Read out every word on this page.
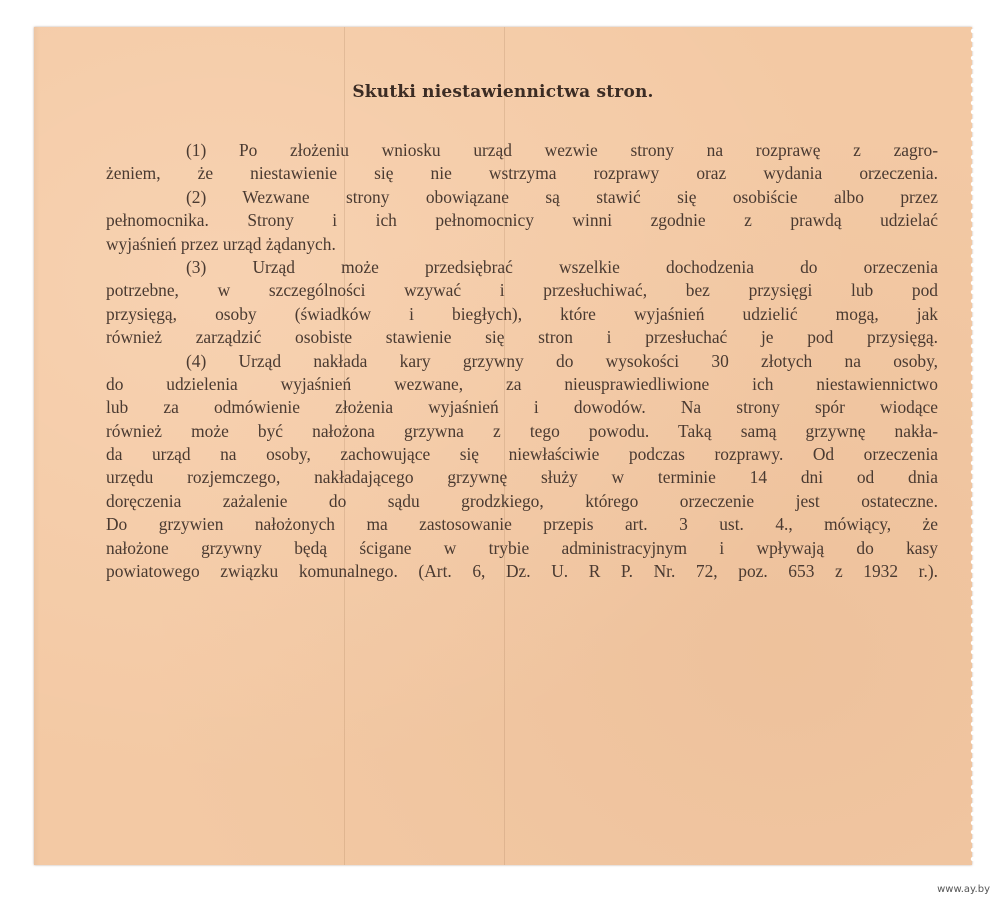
Skutki niestawiennictwa stron.
(1) Po złożeniu wniosku urząd wezwie strony na rozprawę z zagro-
żeniem, że niestawienie się nie wstrzyma rozprawy oraz wydania orzeczenia.
(2) Wezwane strony obowiązane są stawić się osobiście albo przez
pełnomocnika. Strony i ich pełnomocnicy winni zgodnie z prawdą udzielać
wyjaśnień przez urząd żądanych.
(3) Urząd może przedsiębrać wszelkie dochodzenia do orzeczenia
potrzebne, w szczególności wzywać i przesłuchiwać, bez przysięgi lub pod
przysięgą, osoby (świadków i biegłych), które wyjaśnień udzielić mogą, jak
również zarządzić osobiste stawienie się stron i przesłuchać je pod przysięgą.
(4) Urząd nakłada kary grzywny do wysokości 30 złotych na osoby,
do udzielenia wyjaśnień wezwane, za nieusprawiedliwione ich niestawiennictwo
lub za odmówienie złożenia wyjaśnień i dowodów. Na strony spór wiodące
również może być nałożona grzywna z tego powodu. Taką samą grzywnę nakła-
da urząd na osoby, zachowujące się niewłaściwie podczas rozprawy. Od orzeczenia
urzędu rozjemczego, nakładającego grzywnę służy w terminie 14 dni od dnia
doręczenia zażalenie do sądu grodzkiego, którego orzeczenie jest ostateczne.
Do grzywien nałożonych ma zastosowanie przepis art. 3 ust. 4., mówiący, że
nałożone grzywny będą ścigane w trybie administracyjnym i wpływają do kasy
powiatowego związku komunalnego. (Art. 6, Dz. U. R P. Nr. 72, poz. 653 z 1932 r.).
www.ay.by
